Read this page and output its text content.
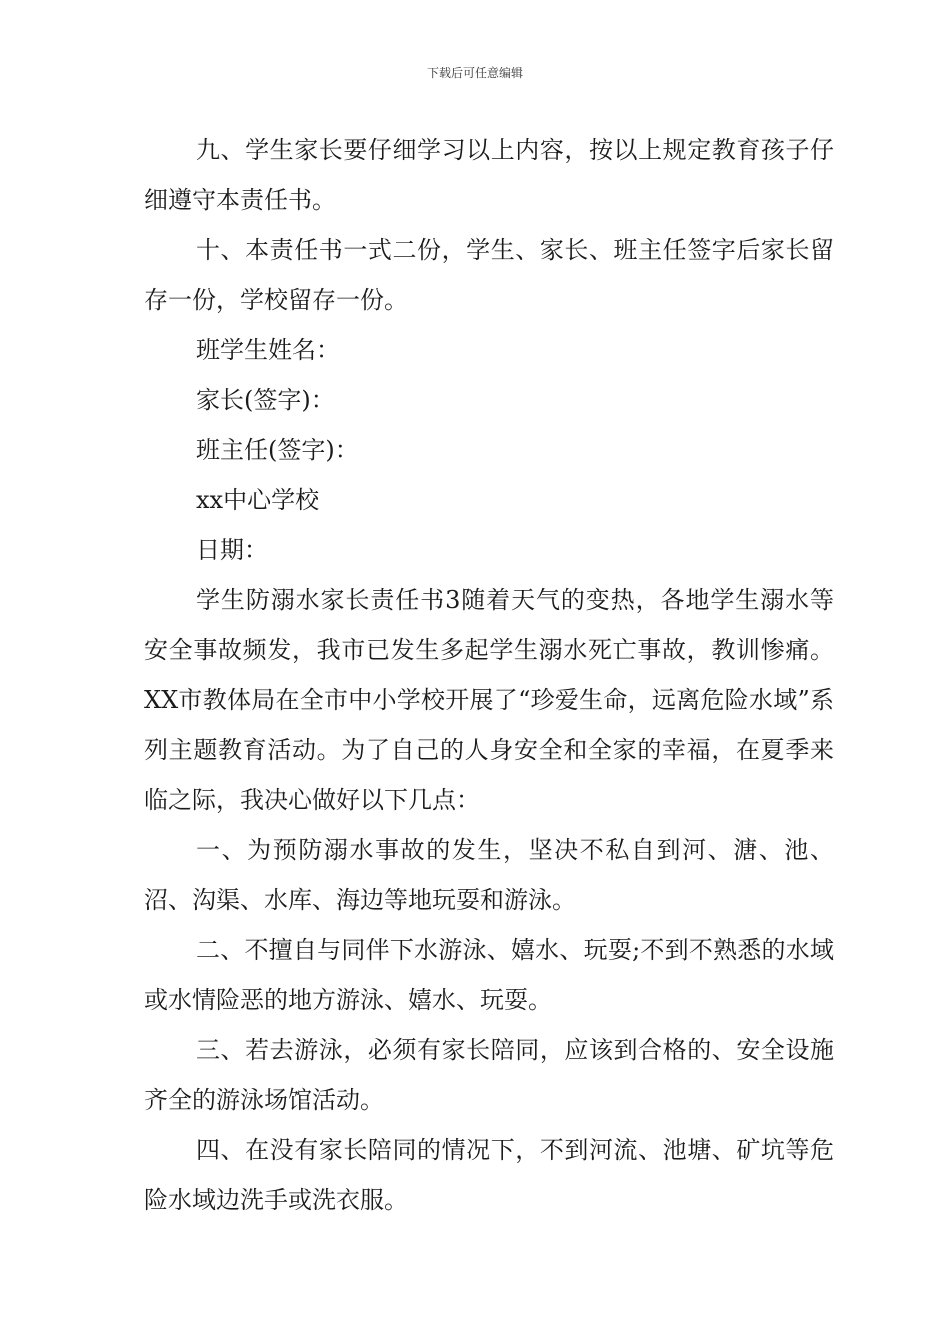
下载后可任意编辑

九、学生家长要仔细学习以上内容，按以上规定教育孩子仔细遵守本责任书。

十、本责任书一式二份，学生、家长、班主任签字后家长留存一份，学校留存一份。

班学生姓名：

家长(签字)：

班主任(签字)：

xx中心学校

日期：

学生防溺水家长责任书3随着天气的变热，各地学生溺水等安全事故频发，我市已发生多起学生溺水死亡事故，教训惨痛。XX市教体局在全市中小学校开展了“珍爱生命，远离危险水域”系列主题教育活动。为了自己的人身安全和全家的幸福，在夏季来临之际，我决心做好以下几点：

一、为预防溺水事故的发生，坚决不私自到河、溏、池、沼、沟渠、水库、海边等地玩耍和游泳。

二、不擅自与同伴下水游泳、嬉水、玩耍;不到不熟悉的水域或水情险恶的地方游泳、嬉水、玩耍。

三、若去游泳，必须有家长陪同，应该到合格的、安全设施齐全的游泳场馆活动。

四、在没有家长陪同的情况下，不到河流、池塘、矿坑等危险水域边洗手或洗衣服。
